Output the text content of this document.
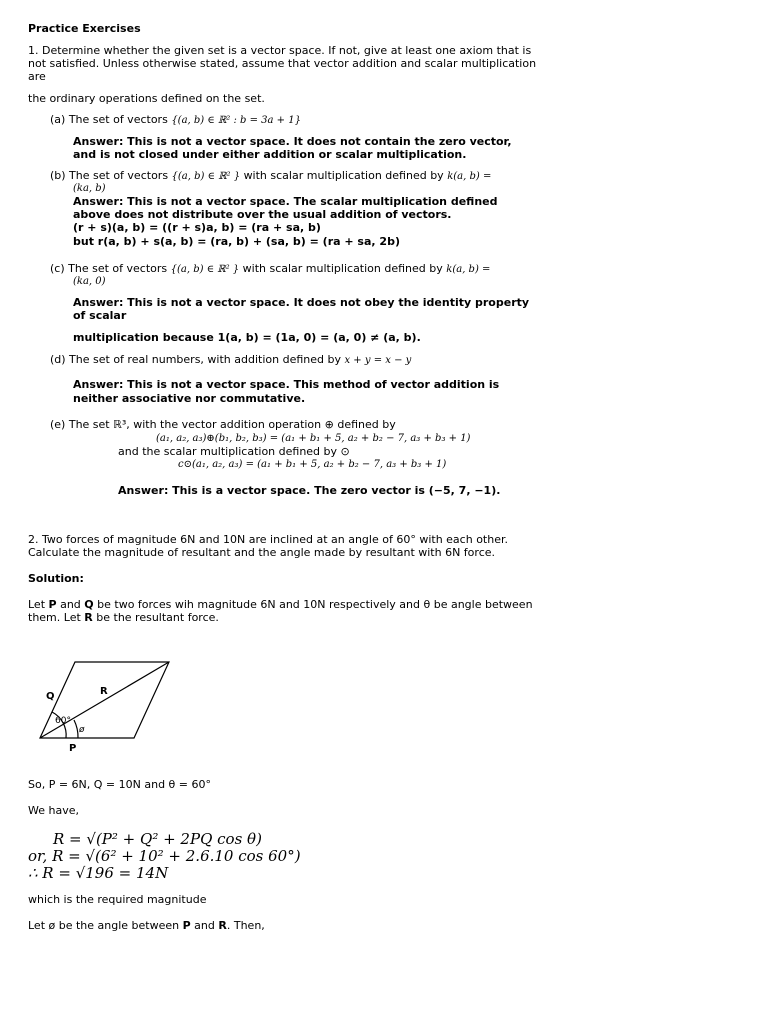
Practice Exercises
1. Determine whether the given set is a vector space. If not, give at least one axiom that is
not satisfied. Unless otherwise stated, assume that vector addition and scalar multiplication
are
the ordinary operations defined on the set.
(a) The set of vectors {(a, b) ∈ ℝ² : b = 3a + 1}
Answer: This is not a vector space. It does not contain the zero vector,
and is not closed under either addition or scalar multiplication.
(b) The set of vectors {(a, b) ∈ ℝ² } with scalar multiplication defined by k(a, b) =
(ka, b)
Answer: This is not a vector space. The scalar multiplication defined
above does not distribute over the usual addition of vectors.
(r + s)(a, b) = ((r + s)a, b) = (ra + sa, b)
but r(a, b) + s(a, b) = (ra, b) + (sa, b) = (ra + sa, 2b)
(c) The set of vectors {(a, b) ∈ ℝ² } with scalar multiplication defined by k(a, b) =
(ka, 0)
Answer: This is not a vector space. It does not obey the identity property
of scalar
multiplication because 1(a, b) = (1a, 0) = (a, 0) ≠ (a, b).
(d) The set of real numbers, with addition defined by x + y = x − y
Answer: This is not a vector space. This method of vector addition is
neither associative nor commutative.
(e) The set ℝ³, with the vector addition operation ⊕ defined by
(a₁, a₂, a₃)⊕(b₁, b₂, b₃) = (a₁ + b₁ + 5, a₂ + b₂ − 7, a₃ + b₃ + 1)
and the scalar multiplication defined by ⊙
c⊙(a₁, a₂, a₃) = (a₁ + b₁ + 5, a₂ + b₂ − 7, a₃ + b₃ + 1)
Answer: This is a vector space. The zero vector is (−5, 7, −1).
2. Two forces of magnitude 6N and 10N are inclined at an angle of 60° with each other.
Calculate the magnitude of resultant and the angle made by resultant with 6N force.
Solution:
Let P and Q be two forces wih magnitude 6N and 10N respectively and θ be angle between
them. Let R be the resultant force.
Q	R
P
60°
ø
So, P = 6N, Q = 10N and θ = 60°
We have,
R = √(P² + Q² + 2PQ cos θ)
or, R = √(6² + 10² + 2.6.10 cos 60°)
∴ R = √196 = 14N
which is the required magnitude
Let ø be the angle between P and R. Then,
